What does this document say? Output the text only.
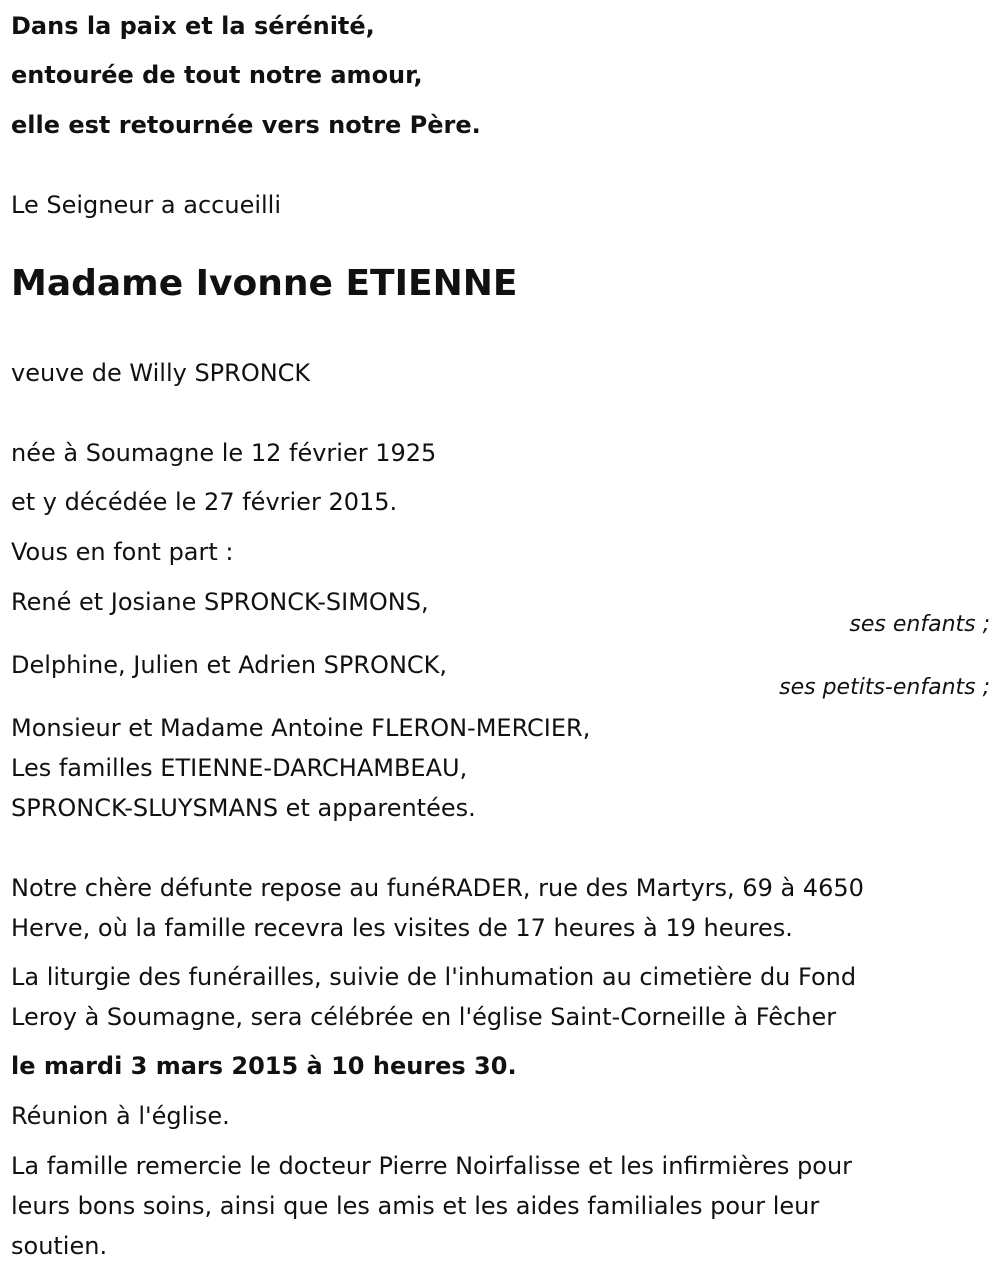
Dans la paix et la sérénité,
entourée de tout notre amour,
elle est retournée vers notre Père.
Le Seigneur a accueilli
Madame Ivonne ETIENNE
veuve de Willy SPRONCK
née à Soumagne le 12 février 1925
et y décédée le 27 février 2015.
Vous en font part :
René et Josiane SPRONCK-SIMONS,
ses enfants ;
Delphine, Julien et Adrien SPRONCK,
ses petits-enfants ;
Monsieur et Madame Antoine FLERON-MERCIER,
Les familles ETIENNE-DARCHAMBEAU,
SPRONCK-SLUYSMANS et apparentées.
Notre chère défunte repose au funéRADER, rue des Martyrs, 69 à 4650
Herve, où la famille recevra les visites de 17 heures à 19 heures.
La liturgie des funérailles, suivie de l'inhumation au cimetière du Fond
Leroy à Soumagne, sera célébrée en l'église Saint-Corneille à Fêcher
le mardi 3 mars 2015 à 10 heures 30.
Réunion à l'église.
La famille remercie le docteur Pierre Noirfalisse et les infirmières pour
leurs bons soins, ainsi que les amis et les aides familiales pour leur
soutien.
